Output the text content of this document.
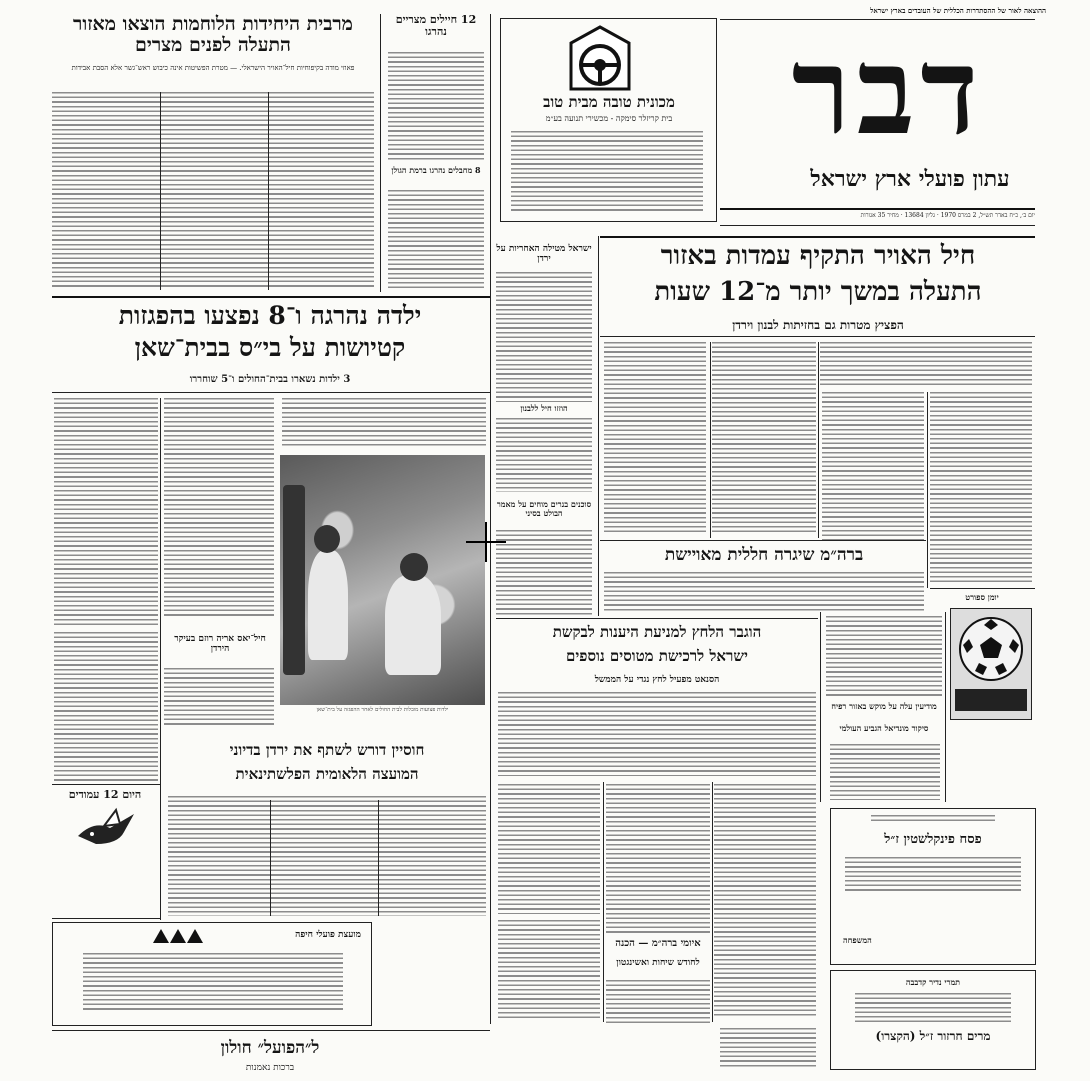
ההוצאה לאור של ההסתדרות הכללית של העובדים בארץ ישראל
דבר
עתון פועלי ארץ ישראל
יום ב׳, כ״ח באדר תש״ל, 2 במרס 1970 · גליון 13684 · מחיר 35 אגורות
מכונית טובה מבית טוב
בית קריזלר סימקה - מכשירי תנועה בע״מ
מרבית היחידות הלוחמות הוצאו מאזור התעלה לפנים מצרים
פאוזי מודה בקיפוחיות חיל־האויר הישראלי. — מטרת הפשיטות אינה כיבוש ראש־גשר אלא הסבת אבידות
12 חיילים מצריים נהרגו
8 מחבלים נהרגו ברמת הגולן
ילדה נהרגה ו־8 נפצעו בהפגזות
קטיושות על בי״ס בבית־שאן
3 ילדות נשארו בבית־החולים ו־5 שוחררו
ילדות פצועות מובלות לבית החולים לאחר ההפגזה על בית־שאן
חיל־יאס אריה רוזם בעיקר הירדן
היום 12 עמודים
חוסיין דורש לשתף את ירדן בדיוני
המועצה הלאומית הפלשתינאית
מועצת פועלי חיפה
ל״הפועל״ חולון
ברכות נאמנות
ישראל מטילה האחריות על ירדן
הוזזו חיל ללבנון
סוכנים בנרים מוחים על מאמר הבולט בסיני
חיל האויר התקיף עמדות באזור
התעלה במשך יותר מ־12 שעות
הפציץ מטרות גם בחזיתות לבנון וירדן
ברה״מ שיגרה חללית מאויישת
יומן ספורט
מודיעין עלה על מוקש באזור רפיח
סיקור מונדיאל הגביע העולמי
הוגבר הלחץ למניעת היענות לבקשת
ישראל לרכישת מטוסים נוספים
הסנאט מפעיל לחץ נגדי על הממשל
איומי ברה״מ — הכנה
לחודש שיחות ואשינגטון
פסח פינקלשטין ז״ל
המשפחה
תמרי נדיר קדבבה
מרים חרזור ז״ל (הקצרו)
